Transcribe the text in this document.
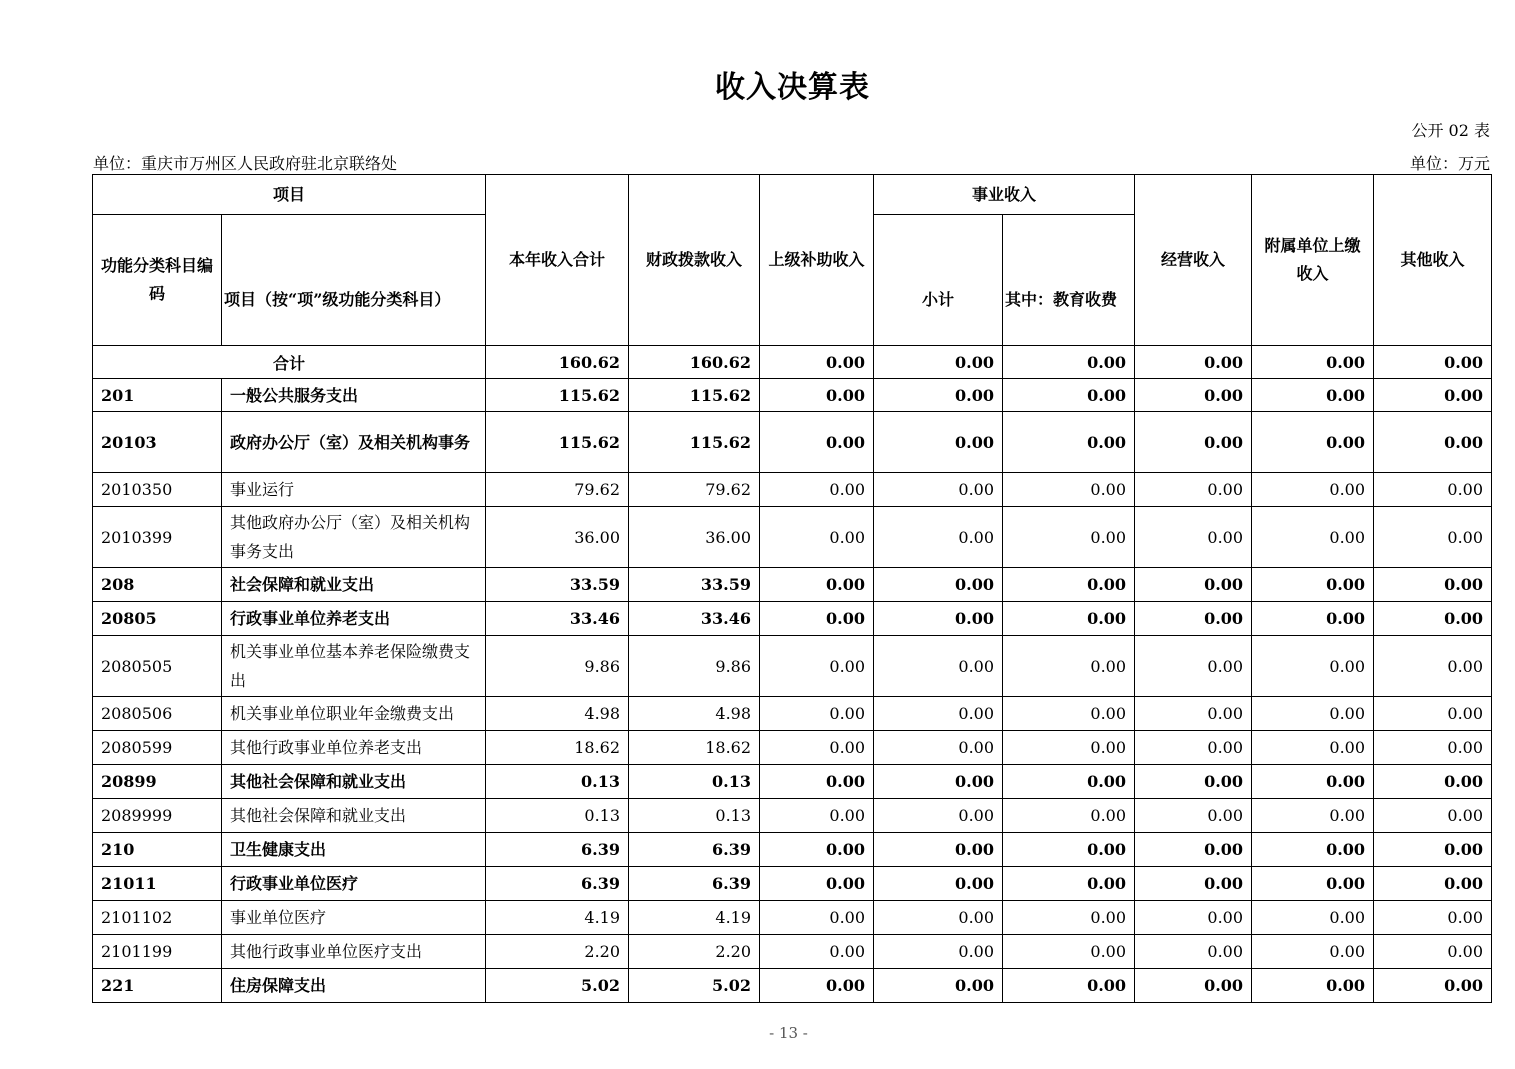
收入决算表
公开 02 表
单位：重庆市万州区人民政府驻北京联络处	单位：万元
项目		本年收入合计	财政拨款收入	上级补助收入	事业收入		经营收入	附属单位上缴收入	其他收入
功能分类科目编码	项目（按“项”级功能分类科目）				小计	其中：教育收费			
合计		160.62	160.62	0.00	0.00	0.00	0.00	0.00	0.00
201	一般公共服务支出	115.62	115.62	0.00	0.00	0.00	0.00	0.00	0.00
20103	政府办公厅（室）及相关机构事务	115.62	115.62	0.00	0.00	0.00	0.00	0.00	0.00
2010350	事业运行	79.62	79.62	0.00	0.00	0.00	0.00	0.00	0.00
2010399	其他政府办公厅（室）及相关机构事务支出	36.00	36.00	0.00	0.00	0.00	0.00	0.00	0.00
208	社会保障和就业支出	33.59	33.59	0.00	0.00	0.00	0.00	0.00	0.00
20805	行政事业单位养老支出	33.46	33.46	0.00	0.00	0.00	0.00	0.00	0.00
2080505	机关事业单位基本养老保险缴费支出	9.86	9.86	0.00	0.00	0.00	0.00	0.00	0.00
2080506	机关事业单位职业年金缴费支出	4.98	4.98	0.00	0.00	0.00	0.00	0.00	0.00
2080599	其他行政事业单位养老支出	18.62	18.62	0.00	0.00	0.00	0.00	0.00	0.00
20899	其他社会保障和就业支出	0.13	0.13	0.00	0.00	0.00	0.00	0.00	0.00
2089999	其他社会保障和就业支出	0.13	0.13	0.00	0.00	0.00	0.00	0.00	0.00
210	卫生健康支出	6.39	6.39	0.00	0.00	0.00	0.00	0.00	0.00
21011	行政事业单位医疗	6.39	6.39	0.00	0.00	0.00	0.00	0.00	0.00
2101102	事业单位医疗	4.19	4.19	0.00	0.00	0.00	0.00	0.00	0.00
2101199	其他行政事业单位医疗支出	2.20	2.20	0.00	0.00	0.00	0.00	0.00	0.00
221	住房保障支出	5.02	5.02	0.00	0.00	0.00	0.00	0.00	0.00
- 13 -
